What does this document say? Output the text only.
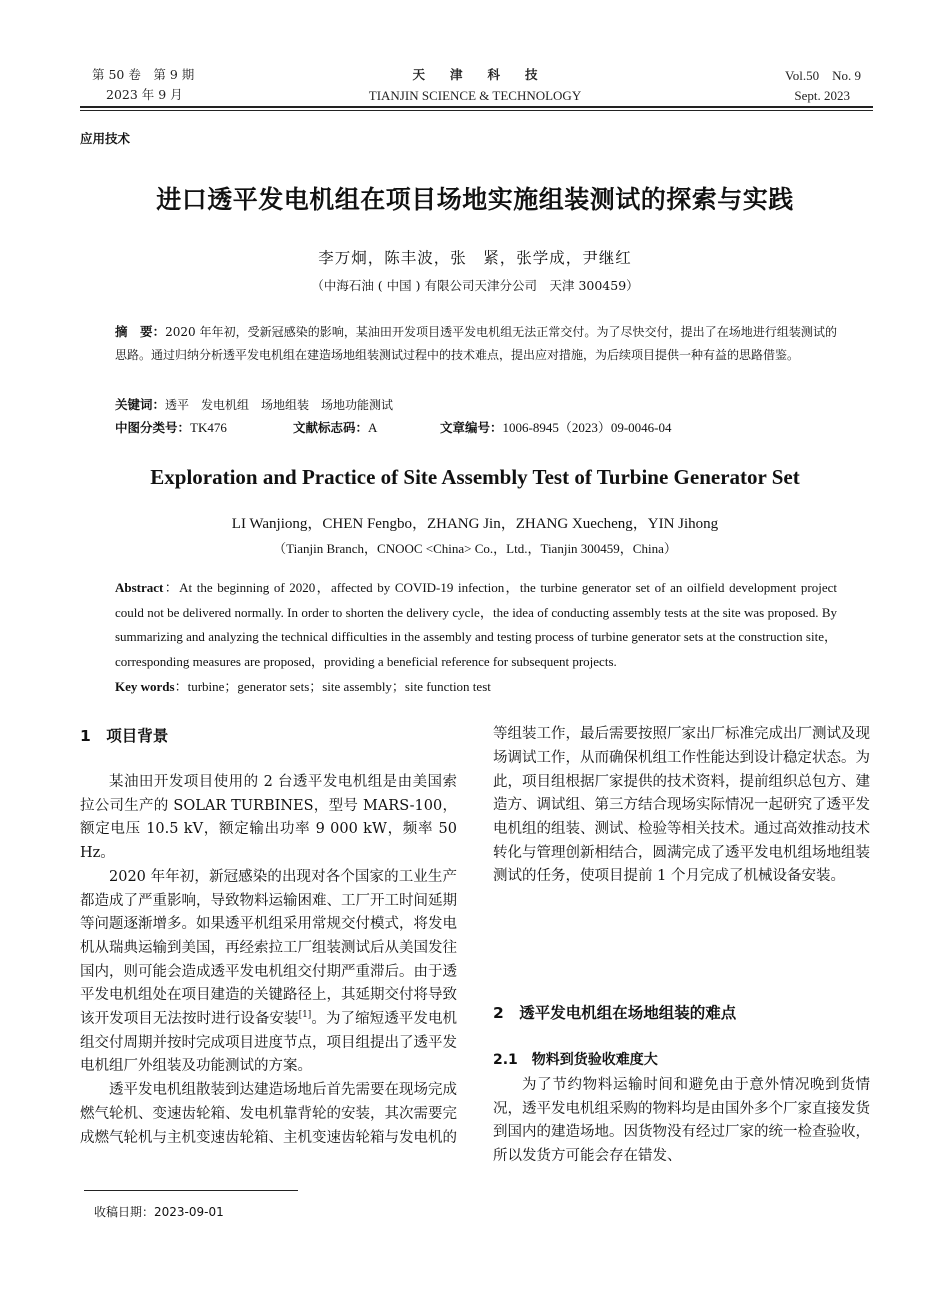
第 50 卷　第 9 期
2023 年 9 月
天　　津　　科　　技
TIANJIN SCIENCE & TECHNOLOGY
Vol.50　No. 9
Sept. 2023
应用技术
进口透平发电机组在项目场地实施组装测试的探索与实践
李万炯，陈丰波，张　紧，张学成，尹继红
（中海石油 ( 中国 ) 有限公司天津分公司　天津 300459）
摘　要：2020 年年初，受新冠感染的影响，某油田开发项目透平发电机组无法正常交付。为了尽快交付，提出了在场地进行组装测试的思路。通过归纳分析透平发电机组在建造场地组装测试过程中的技术难点，提出应对措施，为后续项目提供一种有益的思路借鉴。
关键词：透平　发电机组　场地组装　场地功能测试
中图分类号：TK476	文献标志码：A	文章编号：1006-8945（2023）09-0046-04
Exploration and Practice of Site Assembly Test of Turbine Generator Set
LI Wanjiong，CHEN Fengbo，ZHANG Jin，ZHANG Xuecheng，YIN Jihong
（Tianjin Branch，CNOOC <China> Co.，Ltd.，Tianjin 300459，China）
Abstract：At the beginning of 2020，affected by COVID-19 infection，the turbine generator set of an oilfield development project could not be delivered normally. In order to shorten the delivery cycle，the idea of conducting assembly tests at the site was proposed. By summarizing and analyzing the technical difficulties in the assembly and testing process of turbine generator sets at the construction site，corresponding measures are proposed，providing a beneficial reference for subsequent projects.
Key words：turbine；generator sets；site assembly；site function test
1　项目背景

某油田开发项目使用的 2 台透平发电机组是由美国索拉公司生产的 SOLAR TURBINES，型号 MARS-100，额定电压 10.5 kV，额定输出功率 9 000 kW，频率 50 Hz。

2020 年年初，新冠感染的出现对各个国家的工业生产都造成了严重影响，导致物料运输困难、工厂开工时间延期等问题逐渐增多。如果透平机组采用常规交付模式，将发电机从瑞典运输到美国，再经索拉工厂组装测试后从美国发往国内，则可能会造成透平发电机组交付期严重滞后。由于透平发电机组处在项目建造的关键路径上，其延期交付将导致该开发项目无法按时进行设备安装[1]。为了缩短透平发电机组交付周期并按时完成项目进度节点，项目组提出了透平发电机组厂外组装及功能测试的方案。

透平发电机组散装到达建造场地后首先需要在现场完成燃气轮机、变速齿轮箱、发电机靠背轮的安装，其次需要完成燃气轮机与主机变速齿轮箱、主机变速齿轮箱与发电机的

等组装工作，最后需要按照厂家出厂标准完成出厂测试及现场调试工作，从而确保机组工作性能达到设计稳定状态。为此，项目组根据厂家提供的技术资料，提前组织总包方、建造方、调试组、第三方结合现场实际情况一起研究了透平发电机组的组装、测试、检验等相关技术。通过高效推动技术转化与管理创新相结合，圆满完成了透平发电机组场地组装测试的任务，使项目提前 1 个月完成了机械设备安装。

2　透平发电机组在场地组装的难点
2.1　物料到货验收难度大

为了节约物料运输时间和避免由于意外情况晚到货情况，透平发电机组采购的物料均是由国外多个厂家直接发货到国内的建造场地。因货物没有经过厂家的统一检查验收，所以发货方可能会存在错发、

收稿日期：2023-09-01
